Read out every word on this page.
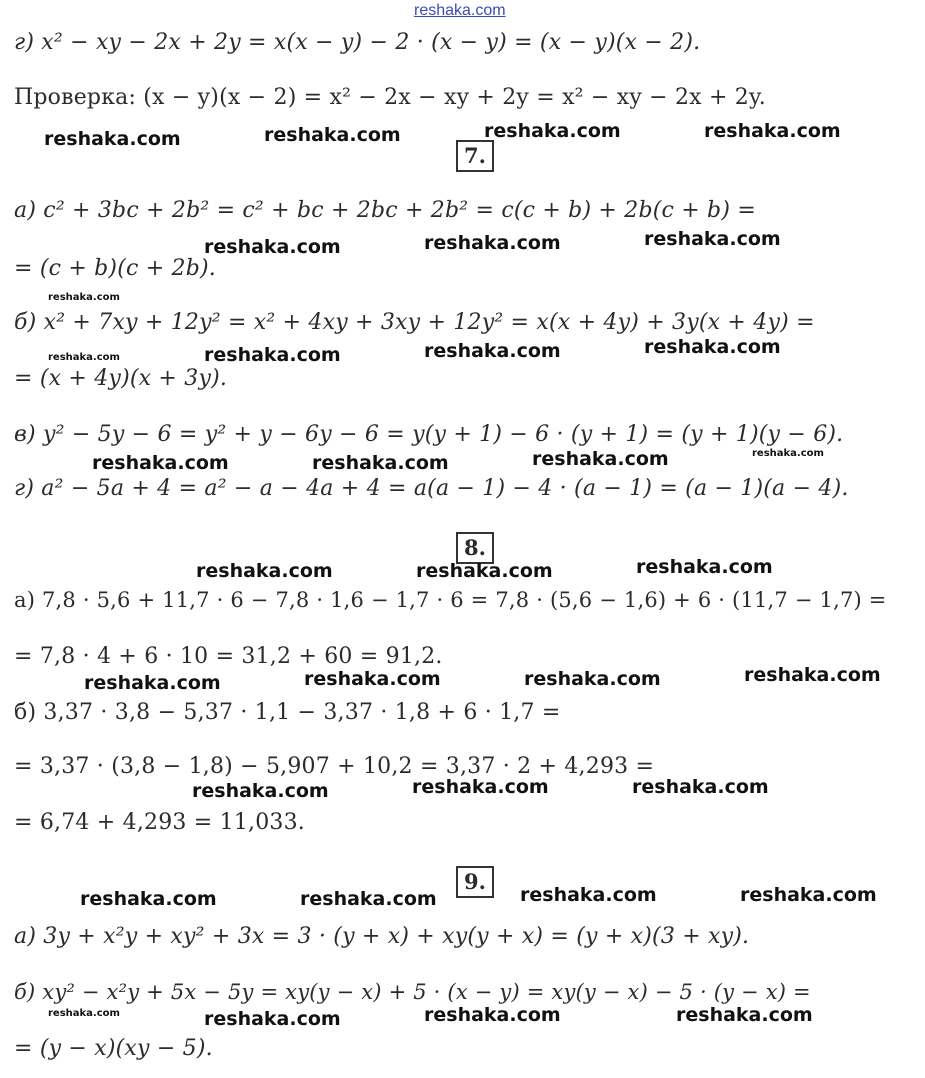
reshaka.com
г) x² − xy − 2x + 2y = x(x − y) − 2 · (x − y) = (x − y)(x − 2).
Проверка: (x − y)(x − 2) = x² − 2x − xy + 2y = x² − xy − 2x + 2y.
reshaka.com	reshaka.com	reshaka.com	reshaka.com
7.
а) c² + 3bc + 2b² = c² + bc + 2bc + 2b² = c(c + b) + 2b(c + b) =
reshaka.com	reshaka.com	reshaka.com
= (c + b)(c + 2b).
reshaka.com
б) x² + 7xy + 12y² = x² + 4xy + 3xy + 12y² = x(x + 4y) + 3y(x + 4y) =
reshaka.com	reshaka.com	reshaka.com	reshaka.com
= (x + 4y)(x + 3y).
в) y² − 5y − 6 = y² + y − 6y − 6 = y(y + 1) − 6 · (y + 1) = (y + 1)(y − 6).
reshaka.com	reshaka.com	reshaka.com	reshaka.com
г) a² − 5a + 4 = a² − a − 4a + 4 = a(a − 1) − 4 · (a − 1) = (a − 1)(a − 4).
8.
reshaka.com	reshaka.com	reshaka.com
а) 7,8 · 5,6 + 11,7 · 6 − 7,8 · 1,6 − 1,7 · 6 = 7,8 · (5,6 − 1,6) + 6 · (11,7 − 1,7) =
= 7,8 · 4 + 6 · 10 = 31,2 + 60 = 91,2.
reshaka.com	reshaka.com	reshaka.com	reshaka.com
б) 3,37 · 3,8 − 5,37 · 1,1 − 3,37 · 1,8 + 6 · 1,7 =
= 3,37 · (3,8 − 1,8) − 5,907 + 10,2 = 3,37 · 2 + 4,293 =
reshaka.com	reshaka.com	reshaka.com
= 6,74 + 4,293 = 11,033.
9.
reshaka.com	reshaka.com	reshaka.com	reshaka.com
а) 3y + x²y + xy² + 3x = 3 · (y + x) + xy(y + x) = (y + x)(3 + xy).
б) xy² − x²y + 5x − 5y = xy(y − x) + 5 · (x − y) = xy(y − x) − 5 · (y − x) =
reshaka.com	reshaka.com	reshaka.com	reshaka.com
= (y − x)(xy − 5).
